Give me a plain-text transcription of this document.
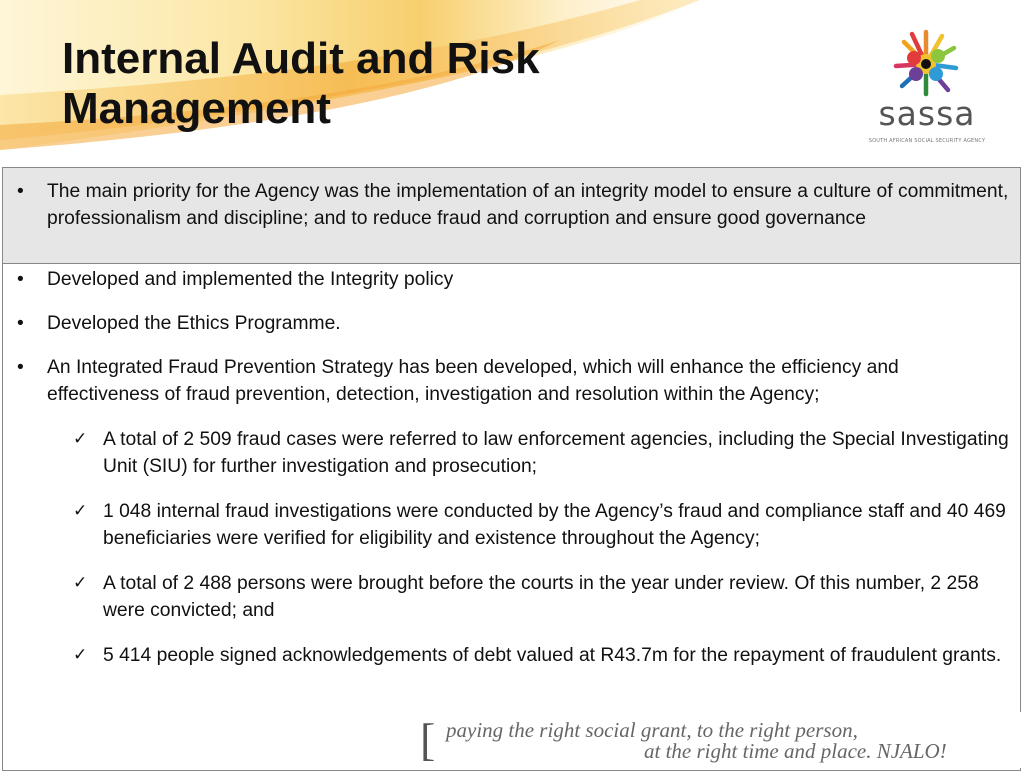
Internal Audit and Risk
Management	sassa
SOUTH AFRICAN SOCIAL SECURITY AGENCY
• The main priority for the Agency was the implementation of an integrity model to ensure a culture of commitment, professionalism and discipline; and to reduce fraud and corruption and ensure good governance
• Developed and implemented the Integrity policy
• Developed the Ethics Programme.
• An Integrated Fraud Prevention Strategy has been developed, which will enhance the efficiency and effectiveness of fraud prevention, detection, investigation and resolution within the Agency;
✓ A total of 2 509 fraud cases were referred to law enforcement agencies, including the Special Investigating Unit (SIU) for further investigation and prosecution;
✓ 1 048 internal fraud investigations were conducted by the Agency’s fraud and compliance staff and 40 469 beneficiaries were verified for eligibility and existence throughout the Agency;
✓ A total of 2 488 persons were brought before the courts in the year under review. Of this number, 2 258 were convicted; and
✓ 5 414 people signed acknowledgements of debt valued at R43.7m for the repayment of fraudulent grants.
[ paying the right social grant, to the right person,
at the right time and place. NJALO!
